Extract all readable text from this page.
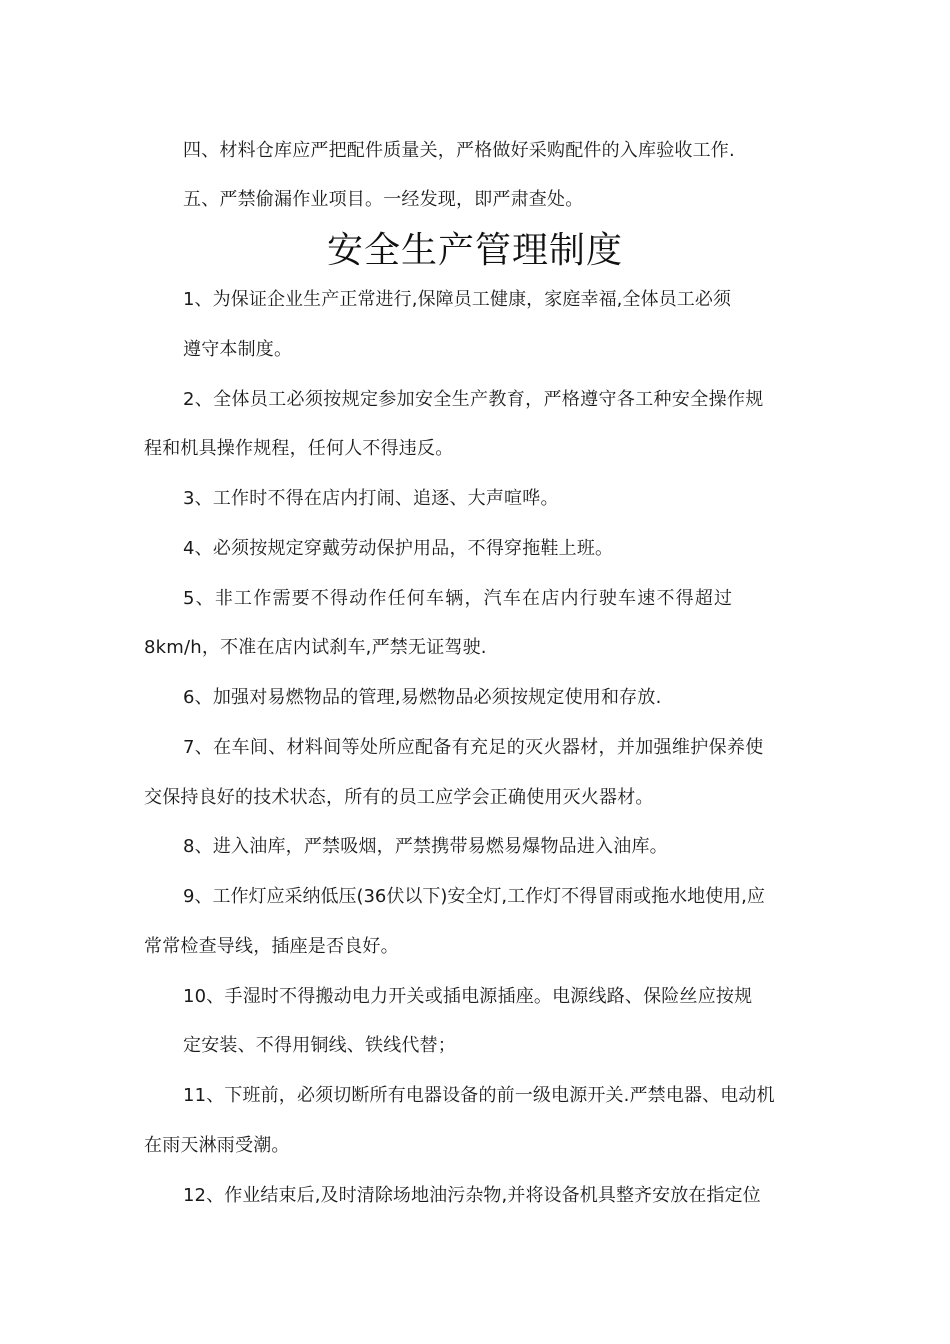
四、材料仓库应严把配件质量关，严格做好采购配件的入库验收工作.
五、严禁偷漏作业项目。一经发现，即严肃查处。
安全生产管理制度
1、为保证企业生产正常进行,保障员工健康，家庭幸福,全体员工必须
遵守本制度。
2、全体员工必须按规定参加安全生产教育，严格遵守各工种安全操作规
程和机具操作规程，任何人不得违反。
3、工作时不得在店内打闹、追逐、大声喧哗。
4、必须按规定穿戴劳动保护用品，不得穿拖鞋上班。
5、非工作需要不得动作任何车辆，汽车在店内行驶车速不得超过
8km/h，不准在店内试刹车,严禁无证驾驶.
6、加强对易燃物品的管理,易燃物品必须按规定使用和存放.
7、在车间、材料间等处所应配备有充足的灭火器材，并加强维护保养使
交保持良好的技术状态，所有的员工应学会正确使用灭火器材。
8、进入油库，严禁吸烟，严禁携带易燃易爆物品进入油库。
9、工作灯应采纳低压(36伏以下)安全灯,工作灯不得冒雨或拖水地使用,应
常常检查导线，插座是否良好。
10、手湿时不得搬动电力开关或插电源插座。电源线路、保险丝应按规
定安装、不得用铜线、铁线代替；
11、下班前，必须切断所有电器设备的前一级电源开关.严禁电器、电动机
在雨天淋雨受潮。
12、作业结束后,及时清除场地油污杂物,并将设备机具整齐安放在指定位
